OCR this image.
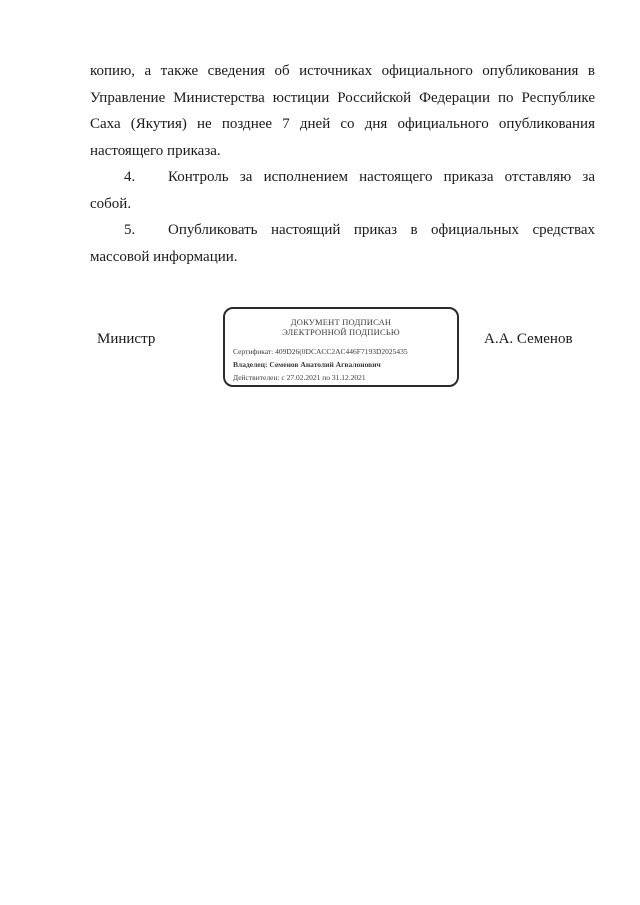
копию, а также сведения об источниках официального опубликования в Управление Министерства юстиции Российской Федерации по Республике Саха (Якутия) не позднее 7 дней со дня официального опубликования настоящего приказа.

4.	Контроль за исполнением настоящего приказа отставляю за собой.
5.	Опубликовать настоящий приказ в официальных средствах массовой информации.
Министр
ДОКУМЕНТ ПОДПИСАН
ЭЛЕКТРОННОЙ ПОДПИСЬЮ
Сертификат: 409D26(0DCACC2AC446F7193D2025435
Владелец: Семенов Анатолий Агвалонович
Действителен: с 27.02.2021 по 31.12.2021
А.А. Семенов
